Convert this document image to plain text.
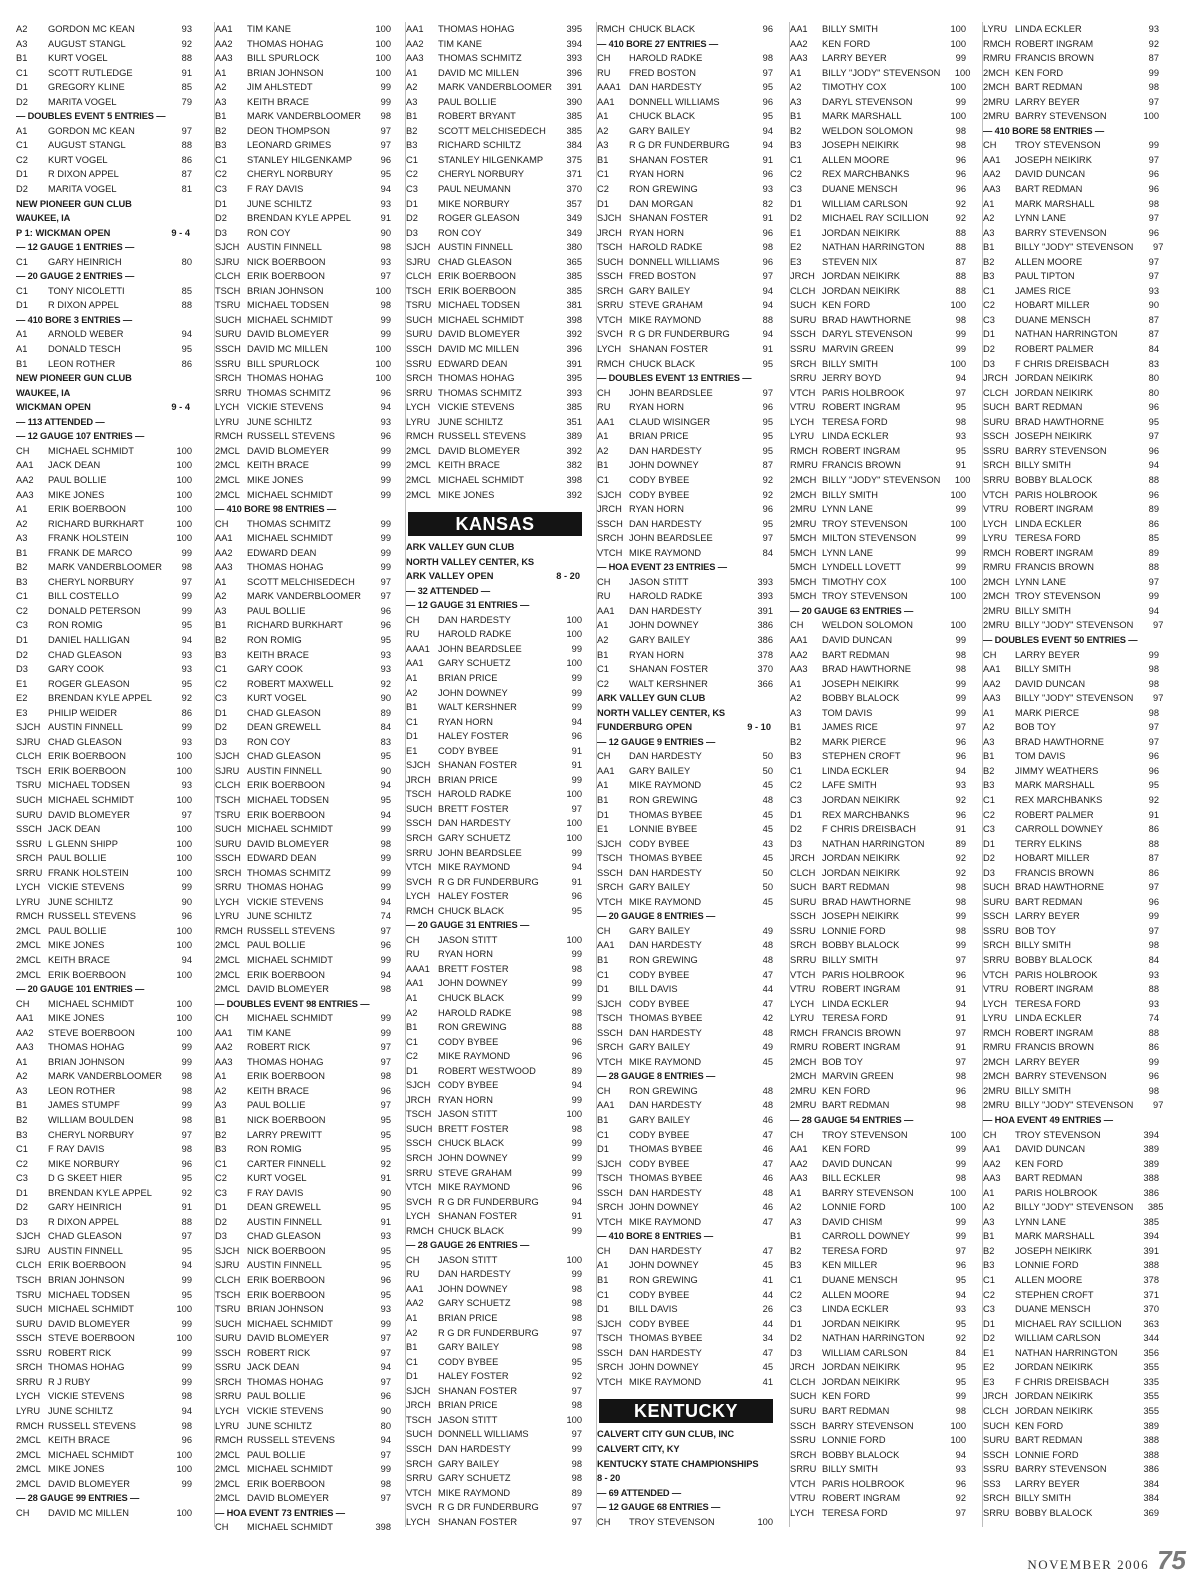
A2	GORDON MC KEAN	93
A3	AUGUST STANGL	92
B1	KURT VOGEL	88
C1	SCOTT RUTLEDGE	91
D1	GREGORY KLINE	85
D2	MARITA VOGEL	79
— DOUBLES EVENT 5 ENTRIES —
A1	GORDON MC KEAN	97
C1	AUGUST STANGL	88
C2	KURT VOGEL	86
D1	R DIXON APPEL	87
D2	MARITA VOGEL	81
NEW PIONEER GUN CLUB
WAUKEE, IA
P 1: WICKMAN OPEN	9 - 4
— 12 GAUGE 1 ENTRIES —
C1	GARY HEINRICH	80
— 20 GAUGE 2 ENTRIES —
C1	TONY NICOLETTI	85
D1	R DIXON APPEL	88
— 410 BORE 3 ENTRIES —
A1	ARNOLD WEBER	94
A1	DONALD TESCH	95
B1	LEON ROTHER	86
NEW PIONEER GUN CLUB
WAUKEE, IA
WICKMAN OPEN	9 - 4
— 113 ATTENDED —
— 12 GAUGE 107 ENTRIES —
CH	MICHAEL SCHMIDT	100
AA1	JACK DEAN	100
AA2	PAUL BOLLIE	100
AA3	MIKE JONES	100
A1	ERIK BOERBOON	100
A2	RICHARD BURKHART	100
A3	FRANK HOLSTEIN	100
B1	FRANK DE MARCO	99
B2	MARK VANDERBLOOMER	98
B3	CHERYL NORBURY	97
C1	BILL COSTELLO	99
C2	DONALD PETERSON	99
C3	RON ROMIG	95
D1	DANIEL HALLIGAN	94
D2	CHAD GLEASON	93
D3	GARY COOK	93
E1	ROGER GLEASON	95
E2	BRENDAN KYLE APPEL	92
E3	PHILIP WEIDER	86
SJCH AUSTIN FINNELL	99
SJRU CHAD GLEASON	93
CLCH ERIK BOERBOON	100
TSCH ERIK BOERBOON	100
TSRU MICHAEL TODSEN	93
SUCH MICHAEL SCHMIDT	100
SURU DAVID BLOMEYER	97
SSCH JACK DEAN	100
SSRU L GLENN SHIPP	100
SRCH PAUL BOLLIE	100
SRRU FRANK HOLSTEIN	100
LYCH VICKIE STEVENS	99
LYRU JUNE SCHILTZ	90
RMCH RUSSELL STEVENS	96
2MCL PAUL BOLLIE	100
2MCL MIKE JONES	100
2MCL KEITH BRACE	94
2MCL ERIK BOERBOON	100
— 20 GAUGE 101 ENTRIES —
CH	MICHAEL SCHMIDT	100
AA1	MIKE JONES	100
AA2	STEVE BOERBOON	100
AA3	THOMAS HOHAG	99
A1	BRIAN JOHNSON	99
A2	MARK VANDERBLOOMER	98
A3	LEON ROTHER	98
B1	JAMES STUMPF	99
B2	WILLIAM BOULDEN	98
B3	CHERYL NORBURY	97
C1	F RAY DAVIS	98
C2	MIKE NORBURY	96
C3	D G SKEET HIER	95
D1	BRENDAN KYLE APPEL	92
D2	GARY HEINRICH	91
D3	R DIXON APPEL	88
SJCH CHAD GLEASON	97
SJRU AUSTIN FINNELL	95
CLCH ERIK BOERBOON	94
TSCH BRIAN JOHNSON	99
TSRU MICHAEL TODSEN	95
SUCH MICHAEL SCHMIDT	100
SURU DAVID BLOMEYER	99
SSCH STEVE BOERBOON	100
SSRU ROBERT RICK	99
SRCH THOMAS HOHAG	99
SRRU R J RUBY	99
LYCH VICKIE STEVENS	98
LYRU JUNE SCHILTZ	94
RMCH RUSSELL STEVENS	98
2MCL KEITH BRACE	96
2MCL MICHAEL SCHMIDT	100
2MCL MIKE JONES	100
2MCL DAVID BLOMEYER	99
— 28 GAUGE 99 ENTRIES —
CH	DAVID MC MILLEN	100
AA1	TIM KANE	100
AA2	THOMAS HOHAG	100
AA3	BILL SPURLOCK	100
A1	BRIAN JOHNSON	100
A2	JIM AHLSTEDT	99
A3	KEITH BRACE	99
B1	MARK VANDERBLOOMER	98
B2	DEON THOMPSON	97
B3	LEONARD GRIMES	97
C1	STANLEY HILGENKAMP	96
C2	CHERYL NORBURY	95
C3	F RAY DAVIS	94
D1	JUNE SCHILTZ	93
D2	BRENDAN KYLE APPEL	91
D3	RON COY	90
SJCH AUSTIN FINNELL	98
SJRU NICK BOERBOON	93
CLCH ERIK BOERBOON	97
TSCH BRIAN JOHNSON	100
TSRU MICHAEL TODSEN	98
SUCH MICHAEL SCHMIDT	99
SURU DAVID BLOMEYER	99
SSCH DAVID MC MILLEN	100
SSRU BILL SPURLOCK	100
SRCH THOMAS HOHAG	100
SRRU THOMAS SCHMITZ	96
LYCH VICKIE STEVENS	94
LYRU JUNE SCHILTZ	93
RMCH RUSSELL STEVENS	96
2MCL DAVID BLOMEYER	99
2MCL KEITH BRACE	99
2MCL MIKE JONES	99
2MCL MICHAEL SCHMIDT	99
— 410 BORE 98 ENTRIES —
CH	THOMAS SCHMITZ	99
AA1	MICHAEL SCHMIDT	99
AA2	EDWARD DEAN	99
AA3	THOMAS HOHAG	99
A1	SCOTT MELCHISEDECH	97
A2	MARK VANDERBLOOMER	97
A3	PAUL BOLLIE	96
B1	RICHARD BURKHART	96
B2	RON ROMIG	95
B3	KEITH BRACE	93
C1	GARY COOK	93
C2	ROBERT MAXWELL	92
C3	KURT VOGEL	90
D1	CHAD GLEASON	89
D2	DEAN GREWELL	84
D3	RON COY	83
SJCH CHAD GLEASON	95
SJRU AUSTIN FINNELL	90
CLCH ERIK BOERBOON	94
TSCH MICHAEL TODSEN	95
TSRU ERIK BOERBOON	94
SUCH MICHAEL SCHMIDT	99
SURU DAVID BLOMEYER	98
SSCH EDWARD DEAN	99
SRCH THOMAS SCHMITZ	99
SRRU THOMAS HOHAG	99
LYCH VICKIE STEVENS	94
LYRU JUNE SCHILTZ	74
RMCH RUSSELL STEVENS	97
2MCL PAUL BOLLIE	96
2MCL MICHAEL SCHMIDT	99
2MCL ERIK BOERBOON	94
2MCL DAVID BLOMEYER	98
— DOUBLES EVENT 98 ENTRIES —
CH	MICHAEL SCHMIDT	99
AA1	TIM KANE	99
AA2	ROBERT RICK	97
AA3	THOMAS HOHAG	97
A1	ERIK BOERBOON	98
A2	KEITH BRACE	96
A3	PAUL BOLLIE	97
B1	NICK BOERBOON	95
B2	LARRY PREWITT	95
B3	RON ROMIG	95
C1	CARTER FINNELL	92
C2	KURT VOGEL	91
C3	F RAY DAVIS	90
D1	DEAN GREWELL	95
D2	AUSTIN FINNELL	91
D3	CHAD GLEASON	93
SJCH NICK BOERBOON	95
SJRU AUSTIN FINNELL	95
CLCH ERIK BOERBOON	96
TSCH ERIK BOERBOON	95
TSRU BRIAN JOHNSON	93
SUCH MICHAEL SCHMIDT	99
SURU DAVID BLOMEYER	97
SSCH ROBERT RICK	97
SSRU JACK DEAN	94
SRCH THOMAS HOHAG	97
SRRU PAUL BOLLIE	96
LYCH VICKIE STEVENS	90
LYRU JUNE SCHILTZ	80
RMCH RUSSELL STEVENS	94
2MCL PAUL BOLLIE	97
2MCL MICHAEL SCHMIDT	99
2MCL ERIK BOERBOON	98
2MCL DAVID BLOMEYER	97
— HOA EVENT 73 ENTRIES —
CH	MICHAEL SCHMIDT	398
AA1	THOMAS HOHAG	395
AA2	TIM KANE	394
AA3	THOMAS SCHMITZ	393
A1	DAVID MC MILLEN	396
A2	MARK VANDERBLOOMER	391
A3	PAUL BOLLIE	390
B1	ROBERT BRYANT	385
B2	SCOTT MELCHISEDECH	385
B3	RICHARD SCHILTZ	384
C1	STANLEY HILGENKAMP	375
C2	CHERYL NORBURY	371
C3	PAUL NEUMANN	370
D1	MIKE NORBURY	357
D2	ROGER GLEASON	349
D3	RON COY	349
SJCH AUSTIN FINNELL	380
SJRU CHAD GLEASON	365
CLCH ERIK BOERBOON	385
TSCH ERIK BOERBOON	385
TSRU MICHAEL TODSEN	381
SUCH MICHAEL SCHMIDT	398
SURU DAVID BLOMEYER	392
SSCH DAVID MC MILLEN	396
SSRU EDWARD DEAN	391
SRCH THOMAS HOHAG	395
SRRU THOMAS SCHMITZ	393
LYCH VICKIE STEVENS	385
LYRU JUNE SCHILTZ	351
RMCH RUSSELL STEVENS	389
2MCL DAVID BLOMEYER	392
2MCL KEITH BRACE	382
2MCL MICHAEL SCHMIDT	398
2MCL MIKE JONES	392
KANSAS
ARK VALLEY GUN CLUB
NORTH VALLEY CENTER, KS
ARK VALLEY OPEN	8 - 20
— 32 ATTENDED —
— 12 GAUGE 31 ENTRIES —
CH	DAN HARDESTY	100
RU	HAROLD RADKE	100
AAA1 JOHN BEARDSLEE	99
AA1	GARY SCHUETZ	100
A1	BRIAN PRICE	99
A2	JOHN DOWNEY	99
B1	WALT KERSHNER	99
C1	RYAN HORN	94
D1	HALEY FOSTER	96
E1	CODY BYBEE	91
SJCH SHANAN FOSTER	91
JRCH BRIAN PRICE	99
TSCH HAROLD RADKE	100
SUCH BRETT FOSTER	97
SSCH DAN HARDESTY	100
SRCH GARY SCHUETZ	100
SRRU JOHN BEARDSLEE	99
VTCH MIKE RAYMOND	94
SVCH R G DR FUNDERBURG	91
LYCH HALEY FOSTER	96
RMCH CHUCK BLACK	95
— 20 GAUGE 31 ENTRIES —
CH	JASON STITT	100
RU	RYAN HORN	99
AAA1 BRETT FOSTER	98
AA1	JOHN DOWNEY	99
A1	CHUCK BLACK	99
A2	HAROLD RADKE	98
B1	RON GREWING	88
C1	CODY BYBEE	96
C2	MIKE RAYMOND	96
D1	ROBERT WESTWOOD	89
SJCH CODY BYBEE	94
JRCH RYAN HORN	99
TSCH JASON STITT	100
SUCH BRETT FOSTER	98
SSCH CHUCK BLACK	99
SRCH JOHN DOWNEY	99
SRRU STEVE GRAHAM	99
VTCH MIKE RAYMOND	96
SVCH R G DR FUNDERBURG	94
LYCH SHANAN FOSTER	91
RMCH CHUCK BLACK	99
— 28 GAUGE 26 ENTRIES —
CH	JASON STITT	100
RU	DAN HARDESTY	99
AA1	JOHN DOWNEY	98
AA2	GARY SCHUETZ	98
A1	BRIAN PRICE	98
A2	R G DR FUNDERBURG	97
B1	GARY BAILEY	98
C1	CODY BYBEE	95
D1	HALEY FOSTER	92
SJCH SHANAN FOSTER	97
JRCH BRIAN PRICE	98
TSCH JASON STITT	100
SUCH DONNELL WILLIAMS	97
SSCH DAN HARDESTY	99
SRCH GARY BAILEY	98
SRRU GARY SCHUETZ	98
VTCH MIKE RAYMOND	89
SVCH R G DR FUNDERBURG	97
LYCH SHANAN FOSTER	97
RMCH CHUCK BLACK	96
— 410 BORE 27 ENTRIES —
CH	HAROLD RADKE	98
RU	FRED BOSTON	97
AAA1 DAN HARDESTY	95
AA1	DONNELL WILLIAMS	96
A1	CHUCK BLACK	95
A2	GARY BAILEY	94
A3	R G DR FUNDERBURG	94
B1	SHANAN FOSTER	91
C1	RYAN HORN	96
C2	RON GREWING	93
D1	DAN MORGAN	82
SJCH SHANAN FOSTER	91
JRCH RYAN HORN	96
TSCH HAROLD RADKE	98
SUCH DONNELL WILLIAMS	96
SSCH FRED BOSTON	97
SRCH GARY BAILEY	94
SRRU STEVE GRAHAM	94
VTCH MIKE RAYMOND	88
SVCH R G DR FUNDERBURG	94
LYCH SHANAN FOSTER	91
RMCH CHUCK BLACK	95
— DOUBLES EVENT 13 ENTRIES —
CH	JOHN BEARDSLEE	97
RU	RYAN HORN	96
AA1	CLAUD WISINGER	95
A1	BRIAN PRICE	95
A2	DAN HARDESTY	95
B1	JOHN DOWNEY	87
C1	CODY BYBEE	92
SJCH CODY BYBEE	92
JRCH RYAN HORN	96
SSCH DAN HARDESTY	95
SRCH JOHN BEARDSLEE	97
VTCH MIKE RAYMOND	84
— HOA EVENT 23 ENTRIES —
CH	JASON STITT	393
RU	HAROLD RADKE	393
AA1	DAN HARDESTY	391
A1	JOHN DOWNEY	386
A2	GARY BAILEY	386
B1	RYAN HORN	378
C1	SHANAN FOSTER	370
C2	WALT KERSHNER	366
ARK VALLEY GUN CLUB
NORTH VALLEY CENTER, KS
FUNDERBURG OPEN	9 - 10
— 12 GAUGE 9 ENTRIES —
CH	DAN HARDESTY	50
AA1	GARY BAILEY	50
A1	MIKE RAYMOND	45
B1	RON GREWING	48
D1	THOMAS BYBEE	45
E1	LONNIE BYBEE	45
SJCH CODY BYBEE	43
TSCH THOMAS BYBEE	45
SSCH DAN HARDESTY	50
SRCH GARY BAILEY	50
VTCH MIKE RAYMOND	45
— 20 GAUGE 8 ENTRIES —
CH	GARY BAILEY	49
AA1	DAN HARDESTY	48
B1	RON GREWING	48
C1	CODY BYBEE	47
D1	BILL DAVIS	44
SJCH CODY BYBEE	47
TSCH THOMAS BYBEE	42
SSCH DAN HARDESTY	48
SRCH GARY BAILEY	49
VTCH MIKE RAYMOND	45
— 28 GAUGE 8 ENTRIES —
CH	RON GREWING	48
AA1	DAN HARDESTY	48
B1	GARY BAILEY	46
C1	CODY BYBEE	47
D1	THOMAS BYBEE	46
SJCH CODY BYBEE	47
TSCH THOMAS BYBEE	46
SSCH DAN HARDESTY	48
SRCH JOHN DOWNEY	46
VTCH MIKE RAYMOND	47
— 410 BORE 8 ENTRIES —
CH	DAN HARDESTY	47
A1	JOHN DOWNEY	45
B1	RON GREWING	41
C1	CODY BYBEE	44
D1	BILL DAVIS	26
SJCH CODY BYBEE	44
TSCH THOMAS BYBEE	34
SSCH DAN HARDESTY	47
SRCH JOHN DOWNEY	45
VTCH MIKE RAYMOND	41
KENTUCKY
CALVERT CITY GUN CLUB, INC
CALVERT CITY, KY
KENTUCKY STATE CHAMPIONSHIPS
8 - 20
— 69 ATTENDED —
— 12 GAUGE 68 ENTRIES —
CH	TROY STEVENSON	100
AA1	BILLY SMITH	100
AA2	KEN FORD	100
AA3	LARRY BEYER	99
A1	BILLY "JODY" STEVENSON	100
A2	TIMOTHY COX	100
A3	DARYL STEVENSON	99
B1	MARK MARSHALL	100
B2	WELDON SOLOMON	98
B3	JOSEPH NEIKIRK	98
C1	ALLEN MOORE	96
C2	REX MARCHBANKS	96
C3	DUANE MENSCH	96
D1	WILLIAM CARLSON	92
D2	MICHAEL RAY SCILLION	92
E1	JORDAN NEIKIRK	88
E2	NATHAN HARRINGTON	88
E3	STEVEN NIX	87
JRCH JORDAN NEIKIRK	88
CLCH JORDAN NEIKIRK	88
SUCH KEN FORD	100
SURU BRAD HAWTHORNE	98
SSCH DARYL STEVENSON	99
SSRU MARVIN GREEN	99
SRCH BILLY SMITH	100
SRRU JERRY BOYD	94
VTCH PARIS HOLBROOK	97
VTRU ROBERT INGRAM	95
LYCH TERESA FORD	98
LYRU LINDA ECKLER	93
RMCH ROBERT INGRAM	95
RMRU FRANCIS BROWN	91
2MCH BILLY "JODY" STEVENSON	100
2MCH BILLY SMITH	100
2MRU LYNN LANE	99
2MRU TROY STEVENSON	100
5MCH MILTON STEVENSON	99
5MCH LYNN LANE	99
5MCH LYNDELL LOVETT	99
5MCH TIMOTHY COX	100
5MCH TROY STEVENSON	100
— 20 GAUGE 63 ENTRIES —
CH	WELDON SOLOMON	100
AA1	DAVID DUNCAN	99
AA2	BART REDMAN	98
AA3	BRAD HAWTHORNE	98
A1	JOSEPH NEIKIRK	99
A2	BOBBY BLALOCK	99
A3	TOM DAVIS	99
B1	JAMES RICE	97
B2	MARK PIERCE	96
B3	STEPHEN CROFT	96
C1	LINDA ECKLER	94
C2	LAFE SMITH	93
C3	JORDAN NEIKIRK	92
D1	REX MARCHBANKS	96
D2	F CHRIS DREISBACH	91
D3	NATHAN HARRINGTON	89
JRCH JORDAN NEIKIRK	92
CLCH JORDAN NEIKIRK	92
SUCH BART REDMAN	98
SURU BRAD HAWTHORNE	98
SSCH JOSEPH NEIKIRK	99
SSRU LONNIE FORD	98
SRCH BOBBY BLALOCK	99
SRRU BILLY SMITH	97
VTCH PARIS HOLBROOK	96
VTRU ROBERT INGRAM	91
LYCH LINDA ECKLER	94
LYRU TERESA FORD	91
RMCH FRANCIS BROWN	97
RMRU ROBERT INGRAM	91
2MCH BOB TOY	97
2MCH MARVIN GREEN	98
2MRU KEN FORD	96
2MRU BART REDMAN	98
— 28 GAUGE 54 ENTRIES —
CH	TROY STEVENSON	100
AA1	KEN FORD	99
AA2	DAVID DUNCAN	99
AA3	BILL ECKLER	98
A1	BARRY STEVENSON	100
A2	LONNIE FORD	100
A3	DAVID CHISM	99
B1	CARROLL DOWNEY	99
B2	TERESA FORD	97
B3	KEN MILLER	96
C1	DUANE MENSCH	95
C2	ALLEN MOORE	94
C3	LINDA ECKLER	93
D1	JORDAN NEIKIRK	95
D2	NATHAN HARRINGTON	92
D3	WILLIAM CARLSON	84
JRCH JORDAN NEIKIRK	95
CLCH JORDAN NEIKIRK	95
SUCH KEN FORD	99
SURU BART REDMAN	98
SSCH BARRY STEVENSON	100
SSRU LONNIE FORD	100
SRCH BOBBY BLALOCK	94
SRRU BILLY SMITH	93
VTCH PARIS HOLBROOK	96
VTRU ROBERT INGRAM	92
LYCH TERESA FORD	97
LYRU LINDA ECKLER	93
RMCH ROBERT INGRAM	92
RMRU FRANCIS BROWN	87
2MCH KEN FORD	99
2MCH BART REDMAN	98
2MRU LARRY BEYER	97
2MRU BARRY STEVENSON	100
— 410 BORE 58 ENTRIES —
CH	TROY STEVENSON	99
AA1	JOSEPH NEIKIRK	97
AA2	DAVID DUNCAN	96
AA3	BART REDMAN	96
A1	MARK MARSHALL	98
A2	LYNN LANE	97
A3	BARRY STEVENSON	96
B1	BILLY "JODY" STEVENSON	97
B2	ALLEN MOORE	97
B3	PAUL TIPTON	97
C1	JAMES RICE	93
C2	HOBART MILLER	90
C3	DUANE MENSCH	87
D1	NATHAN HARRINGTON	87
D2	ROBERT PALMER	84
D3	F CHRIS DREISBACH	83
JRCH JORDAN NEIKIRK	80
CLCH JORDAN NEIKIRK	80
SUCH BART REDMAN	96
SURU BRAD HAWTHORNE	95
SSCH JOSEPH NEIKIRK	97
SSRU BARRY STEVENSON	96
SRCH BILLY SMITH	94
SRRU BOBBY BLALOCK	88
VTCH PARIS HOLBROOK	96
VTRU ROBERT INGRAM	89
LYCH LINDA ECKLER	86
LYRU TERESA FORD	85
RMCH ROBERT INGRAM	89
RMRU FRANCIS BROWN	88
2MCH LYNN LANE	97
2MCH TROY STEVENSON	99
2MRU BILLY SMITH	94
2MRU BILLY "JODY" STEVENSON	97
— DOUBLES EVENT 50 ENTRIES —
CH	LARRY BEYER	99
AA1	BILLY SMITH	98
AA2	DAVID DUNCAN	98
AA3	BILLY "JODY" STEVENSON	97
A1	MARK PIERCE	98
A2	BOB TOY	97
A3	BRAD HAWTHORNE	97
B1	TOM DAVIS	96
B2	JIMMY WEATHERS	96
B3	MARK MARSHALL	95
C1	REX MARCHBANKS	92
C2	ROBERT PALMER	91
C3	CARROLL DOWNEY	86
D1	TERRY ELKINS	88
D2	HOBART MILLER	87
D3	FRANCIS BROWN	86
SUCH BRAD HAWTHORNE	97
SURU BART REDMAN	96
SSCH LARRY BEYER	99
SSRU BOB TOY	97
SRCH BILLY SMITH	98
SRRU BOBBY BLALOCK	84
VTCH PARIS HOLBROOK	93
VTRU ROBERT INGRAM	88
LYCH TERESA FORD	93
LYRU LINDA ECKLER	74
RMCH ROBERT INGRAM	88
RMRU FRANCIS BROWN	86
2MCH LARRY BEYER	99
2MCH BARRY STEVENSON	96
2MRU BILLY SMITH	98
2MRU BILLY "JODY" STEVENSON	97
— HOA EVENT 49 ENTRIES —
CH	TROY STEVENSON	394
AA1	DAVID DUNCAN	389
AA2	KEN FORD	389
AA3	BART REDMAN	388
A1	PARIS HOLBROOK	386
A2	BILLY "JODY" STEVENSON	385
A3	LYNN LANE	385
B1	MARK MARSHALL	394
B2	JOSEPH NEIKIRK	391
B3	LONNIE FORD	388
C1	ALLEN MOORE	378
C2	STEPHEN CROFT	371
C3	DUANE MENSCH	370
D1	MICHAEL RAY SCILLION	363
D2	WILLIAM CARLSON	344
E1	NATHAN HARRINGTON	356
E2	JORDAN NEIKIRK	355
E3	F CHRIS DREISBACH	335
JRCH JORDAN NEIKIRK	355
CLCH JORDAN NEIKIRK	355
SUCH KEN FORD	389
SURU BART REDMAN	388
SSCH LONNIE FORD	388
SSRU BARRY STEVENSON	386
SS3	LARRY BEYER	384
SRCH BILLY SMITH	384
SRRU BOBBY BLALOCK	369
NOVEMBER 2006 75
